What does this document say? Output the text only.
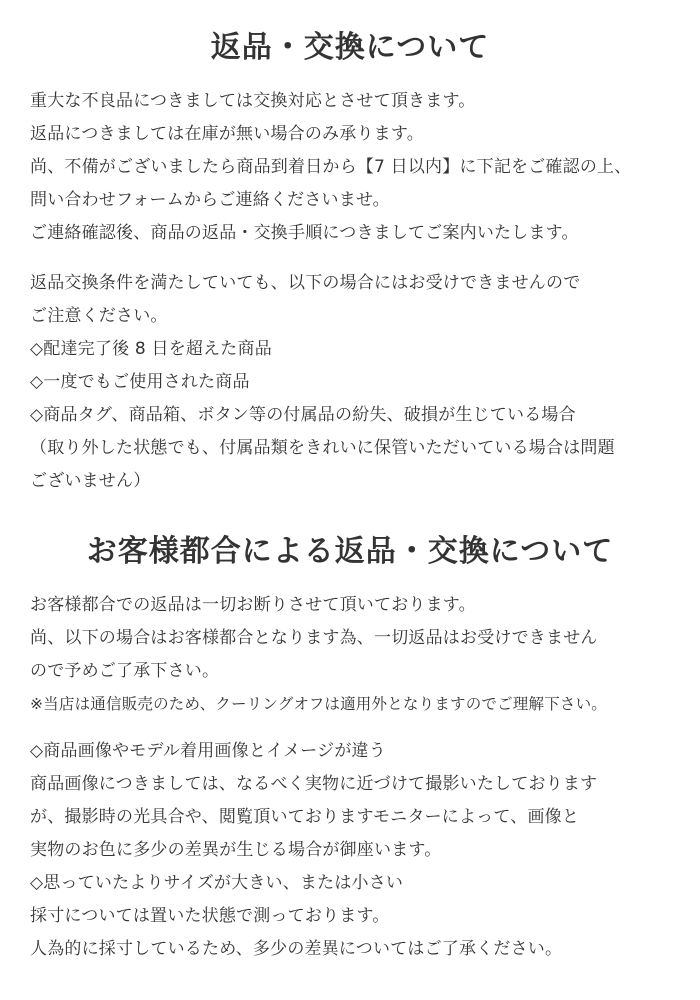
返品・交換について
重大な不良品につきましては交換対応とさせて頂きます。
返品につきましては在庫が無い場合のみ承ります。
尚、不備がございましたら商品到着日から【7 日以内】に下記をご確認の上、
問い合わせフォームからご連絡くださいませ。
ご連絡確認後、商品の返品・交換手順につきましてご案内いたします。
返品交換条件を満たしていても、以下の場合にはお受けできませんので
ご注意ください。
◇配達完了後 8 日を超えた商品
◇一度でもご使用された商品
◇商品タグ、商品箱、ボタン等の付属品の紛失、破損が生じている場合
（取り外した状態でも、付属品類をきれいに保管いただいている場合は問題
ございません）
お客様都合による返品・交換について
お客様都合での返品は一切お断りさせて頂いております。
尚、以下の場合はお客様都合となります為、一切返品はお受けできません
ので予めご了承下さい。
※当店は通信販売のため、クーリングオフは適用外となりますのでご理解下さい。
◇商品画像やモデル着用画像とイメージが違う
商品画像につきましては、なるべく実物に近づけて撮影いたしております
が、撮影時の光具合や、閲覧頂いておりますモニターによって、画像と
実物のお色に多少の差異が生じる場合が御座います。
◇思っていたよりサイズが大きい、または小さい
採寸については置いた状態で測っております。
人為的に採寸しているため、多少の差異についてはご了承ください。
